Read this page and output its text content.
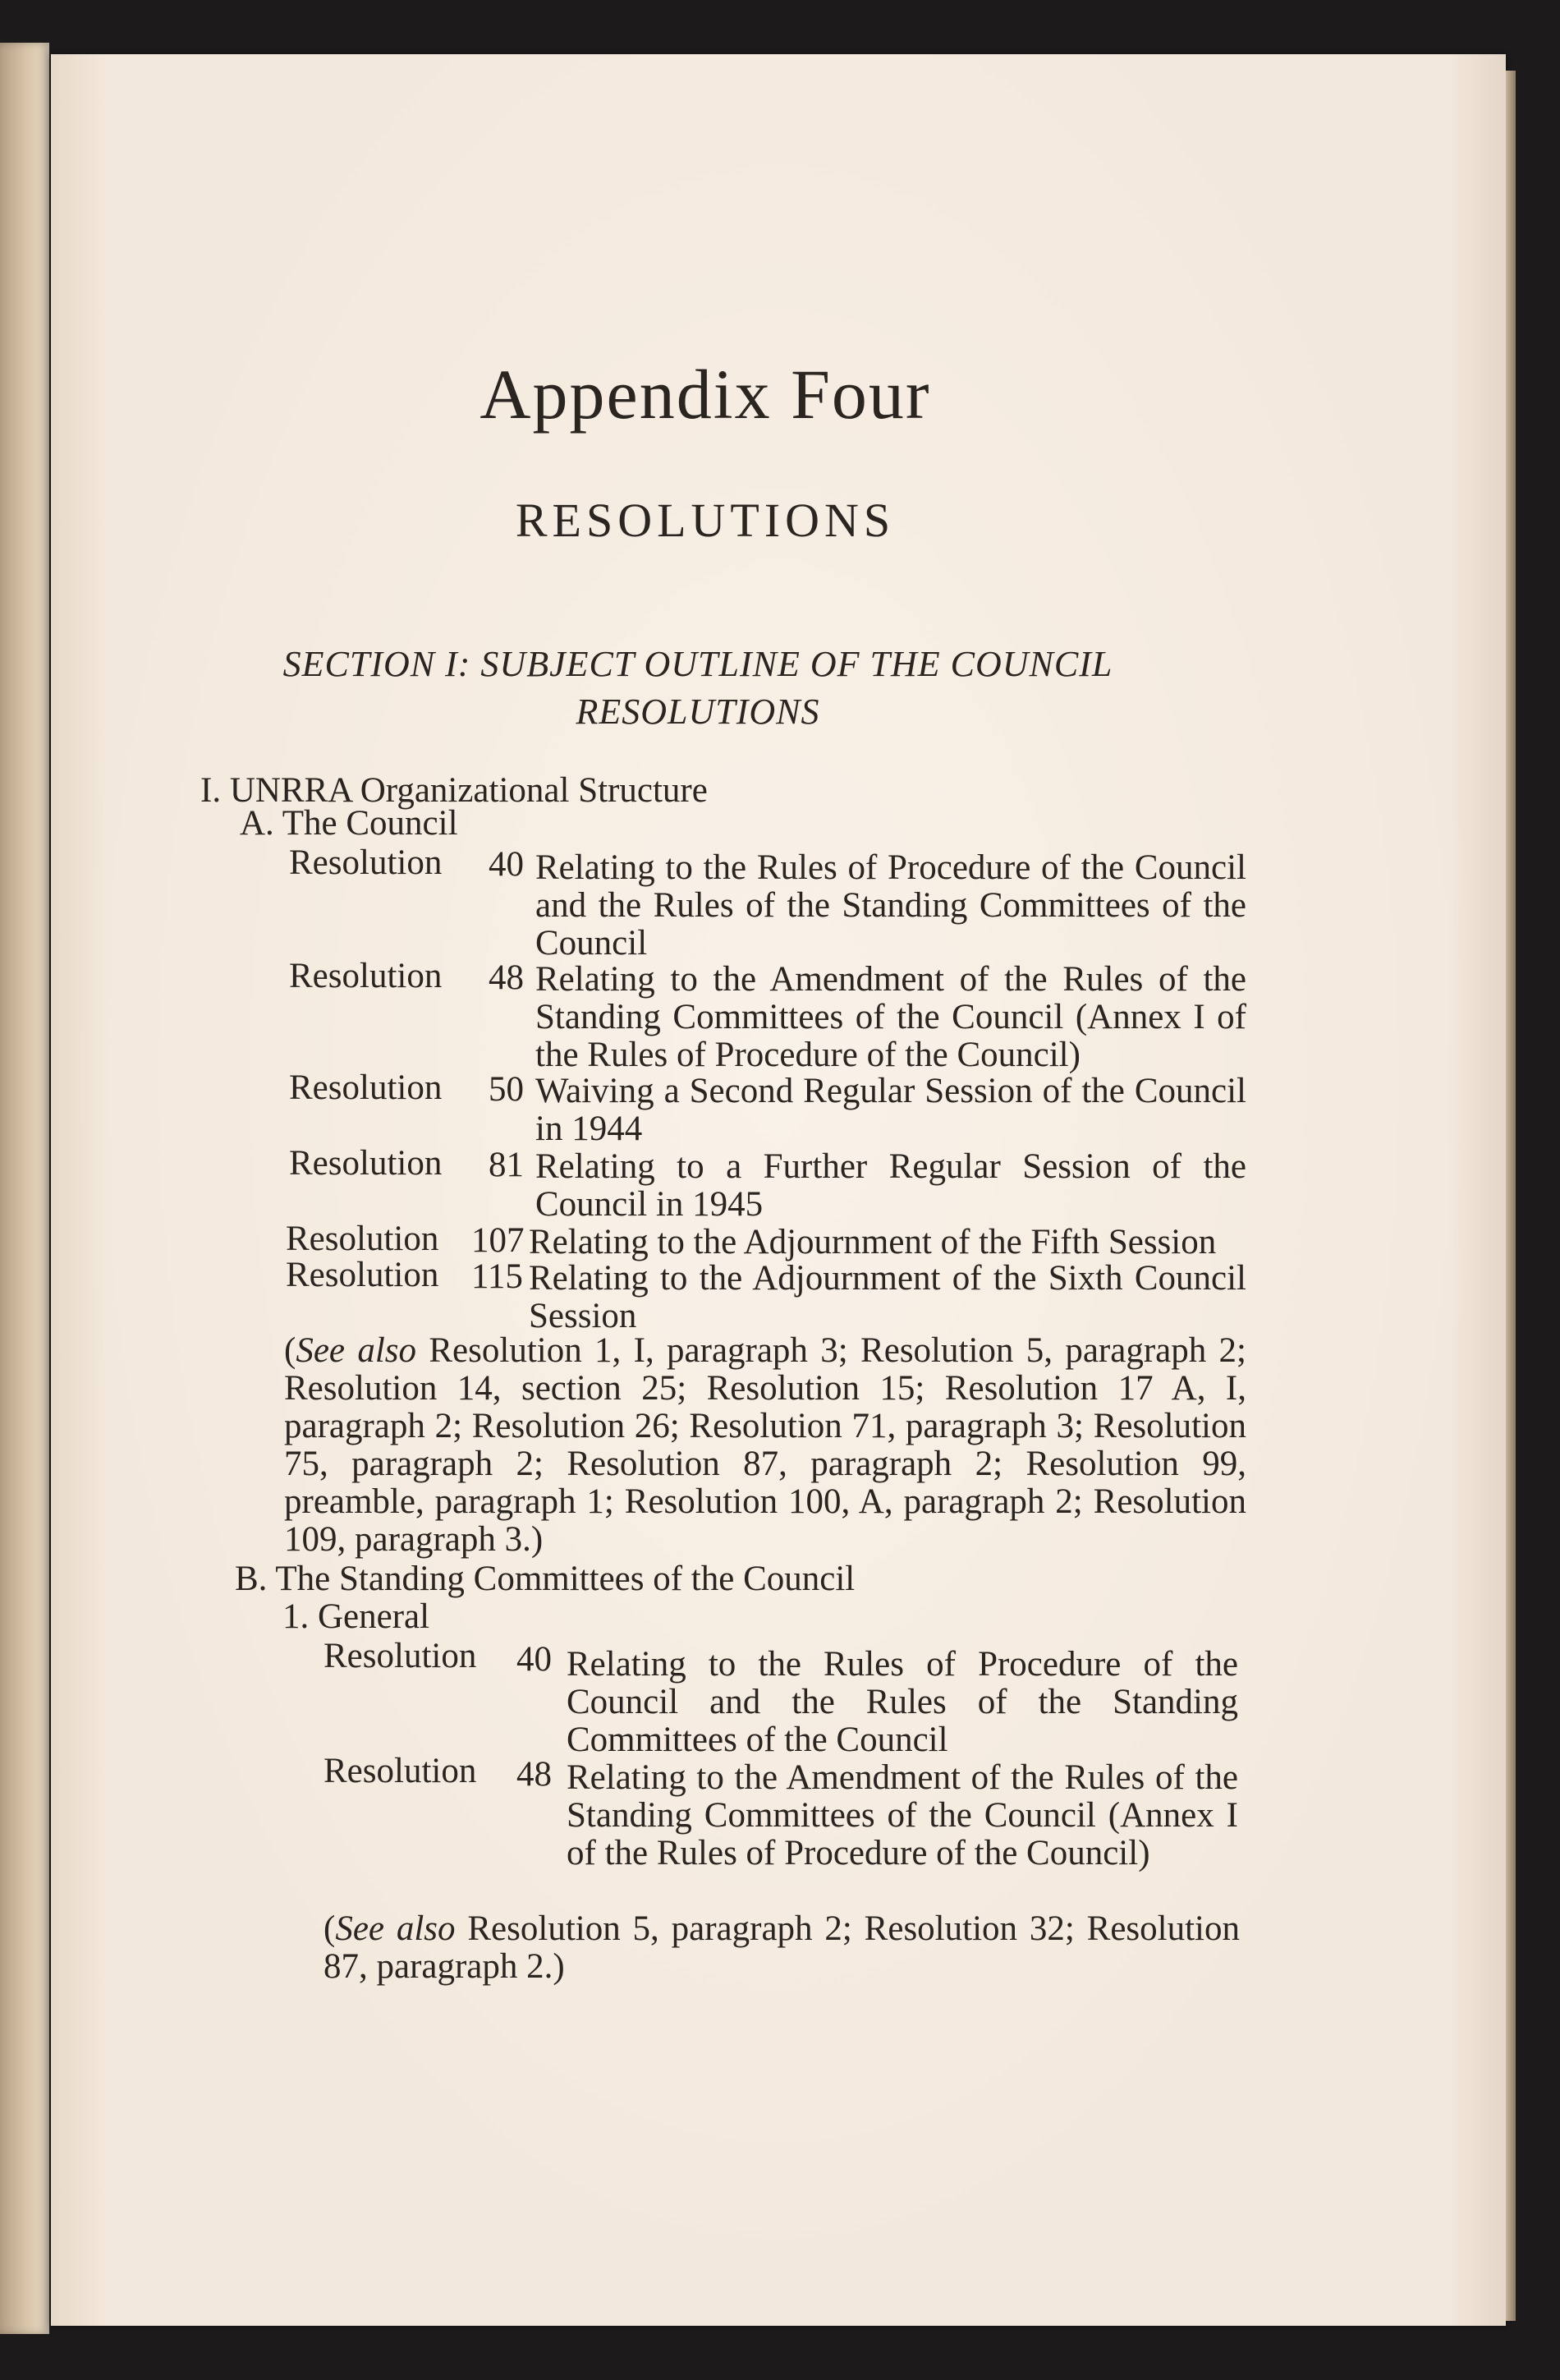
Appendix Four
RESOLUTIONS
SECTION I: SUBJECT OUTLINE OF THE COUNCIL RESOLUTIONS
I. UNRRA Organizational Structure
A. The Council
Resolution	40 Relating to the Rules of Procedure of the Council and the Rules of the Standing Committees of the Council
Resolution	48 Relating to the Amendment of the Rules of the Standing Committees of the Council (Annex I of the Rules of Procedure of the Council)
Resolution	50 Waiving a Second Regular Session of the Council in 1944
Resolution	81 Relating to a Further Regular Session of the Council in 1945
Resolution 107 Relating to the Adjournment of the Fifth Session
Resolution 115 Relating to the Adjournment of the Sixth Council Session
(See also Resolution 1, I, paragraph 3; Resolution 5, paragraph 2; Resolution 14, section 25; Resolution 15; Resolution 17 A, I, paragraph 2; Resolution 26; Resolution 71, paragraph 3; Resolution 75, paragraph 2; Resolution 87, paragraph 2; Resolution 99, preamble, paragraph 1; Resolution 100, A, paragraph 2; Resolution 109, paragraph 3.)
B. The Standing Committees of the Council
1. General
Resolution	40 Relating to the Rules of Procedure of the Council and the Rules of the Standing Committees of the Council
Resolution	48 Relating to the Amendment of the Rules of the Standing Committees of the Council (Annex I of the Rules of Procedure of the Council)
(See also Resolution 5, paragraph 2; Resolution 32; Resolution 87, paragraph 2.)
